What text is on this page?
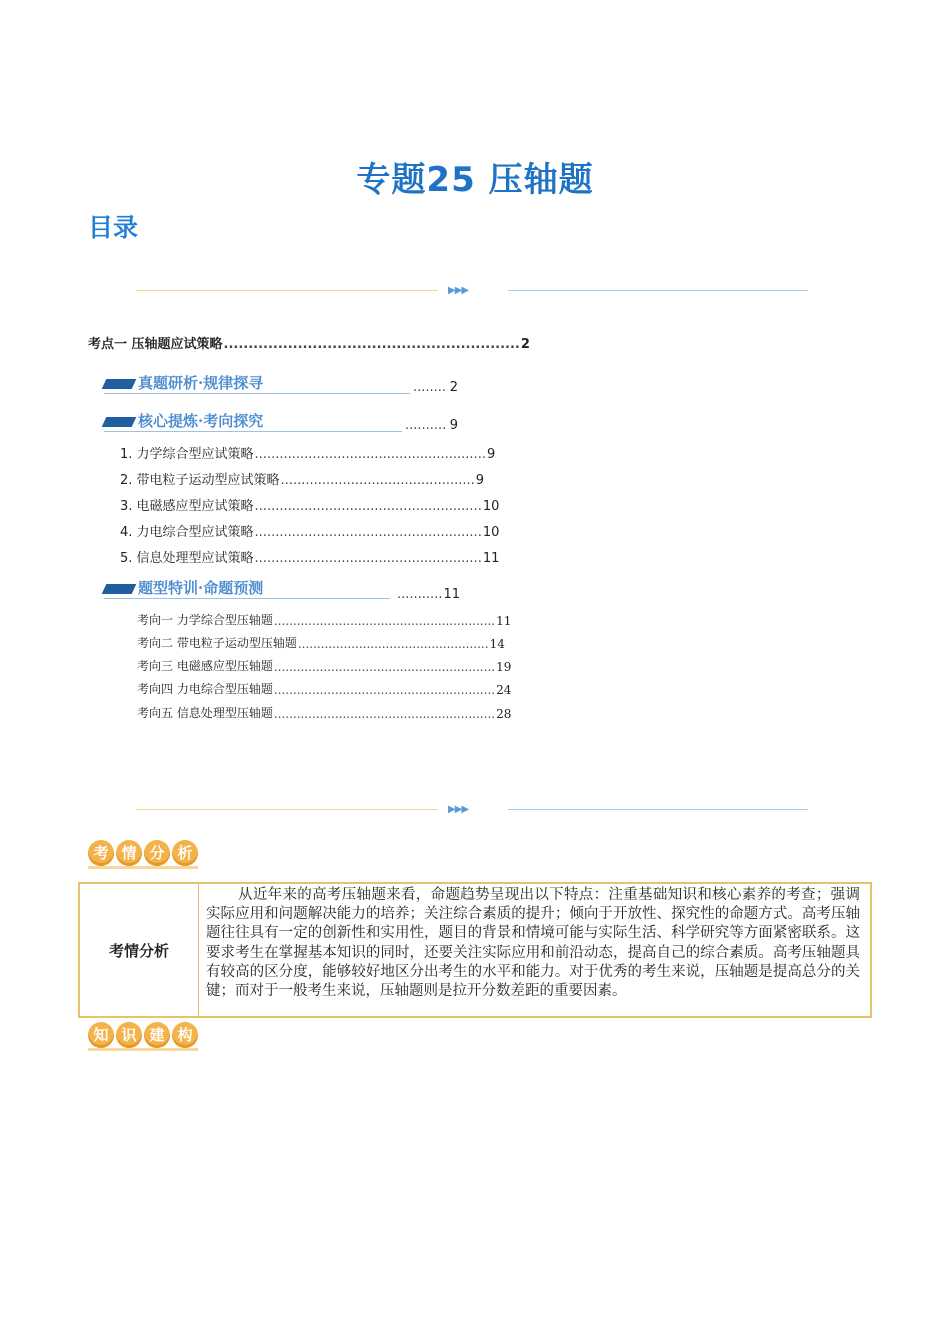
专题25 压轴题
目录
▶▶▶
考点一 压轴题应试策略 ............................................................ 2
真题研析·规律探寻	........ 2
核心提炼·考向探究	.......... 9
1. 力学综合型应试策略 ........................................................ 9
2. 带电粒子运动型应试策略 ............................................... 9
3. 电磁感应型应试策略 ....................................................... 10
4. 力电综合型应试策略 ....................................................... 10
5. 信息处理型应试策略 ....................................................... 11
题型特训·命题预测	........... 11
考向一 力学综合型压轴题 .......................................................... 11
考向二 带电粒子运动型压轴题 .................................................. 14
考向三 电磁感应型压轴题 .......................................................... 19
考向四 力电综合型压轴题 .......................................................... 24
考向五 信息处理型压轴题 .......................................................... 28
▶▶▶
考 情 分 析
考情分析
从近年来的高考压轴题来看，命题趋势呈现出以下特点：注重基础知识和核心素养的考查；强调实际应用和问题解决能力的培养；关注综合素质的提升；倾向于开放性、探究性的命题方式。高考压轴题往往具有一定的创新性和实用性，题目的背景和情境可能与实际生活、科学研究等方面紧密联系。这要求考生在掌握基本知识的同时，还要关注实际应用和前沿动态，提高自己的综合素质。高考压轴题具有较高的区分度，能够较好地区分出考生的水平和能力。对于优秀的考生来说，压轴题是提高总分的关键；而对于一般考生来说，压轴题则是拉开分数差距的重要因素。
知 识 建 构
